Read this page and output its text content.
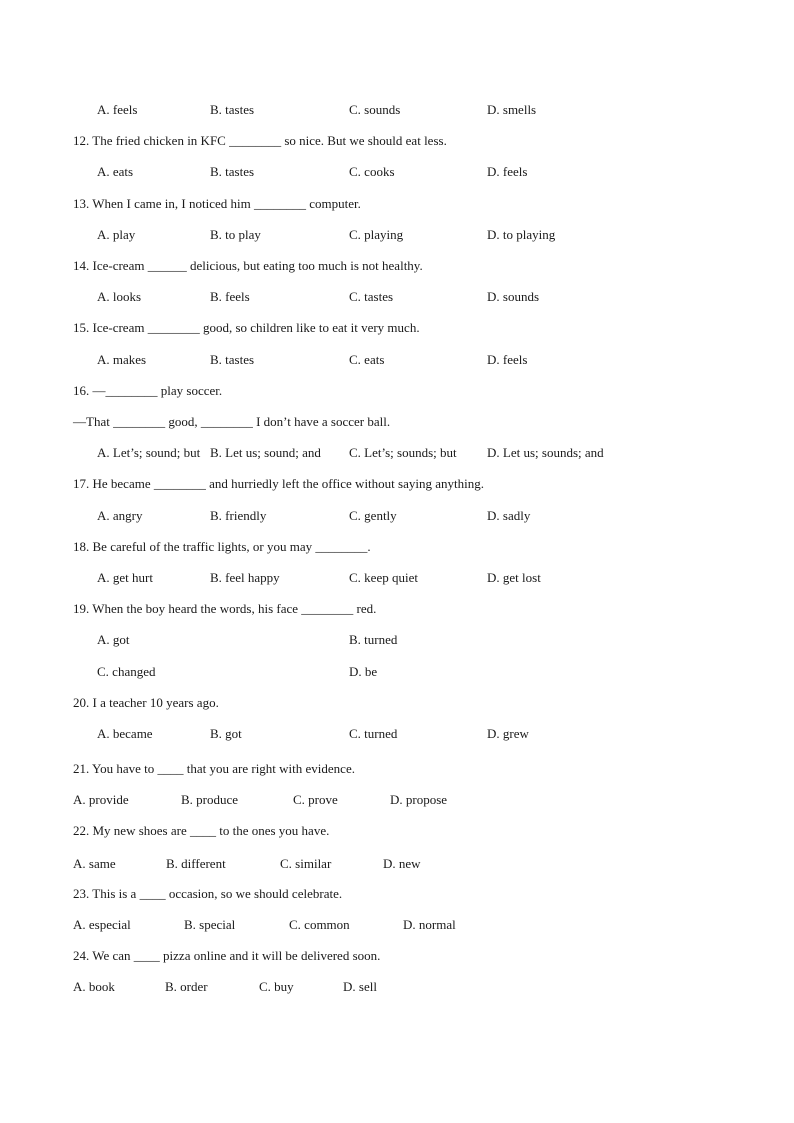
A. feels	B. tastes	C. sounds	D. smells
12. The fried chicken in KFC ________ so nice. But we should eat less.
A. eats	B. tastes	C. cooks	D. feels
13. When I came in, I noticed him ________ computer.
A. play	B. to play	C. playing	D. to playing
14. Ice-cream ______ delicious, but eating too much is not healthy.
A. looks	B. feels	C. tastes	D. sounds
15. Ice-cream ________ good, so children like to eat it very much.
A. makes	B. tastes	C. eats	D. feels
16. —________ play soccer.
—That ________ good, ________ I don’t have a soccer ball.
A. Let’s; sound; but B. Let us; sound; and C. Let’s; sounds; but D. Let us; sounds; and
17. He became ________ and hurriedly left the office without saying anything.
A. angry	B. friendly	C. gently	D. sadly
18. Be careful of the traffic lights, or you may ________.
A. get hurt	B. feel happy	C. keep quiet	D. get lost
19. When the boy heard the words, his face ________ red.
A. got	B. turned
C. changed	D. be
20. I a teacher 10 years ago.
A. became	B. got	C. turned	D. grew
21. You have to ____ that you are right with evidence.
A. provide	B. produce	C. prove	D. propose
22. My new shoes are ____ to the ones you have.
A. same	B. different	C. similar	D. new
23. This is a ____ occasion, so we should celebrate.
A. especial	B. special	C. common	D. normal
24. We can ____ pizza online and it will be delivered soon.
A. book	B. order	C. buy	D. sell
